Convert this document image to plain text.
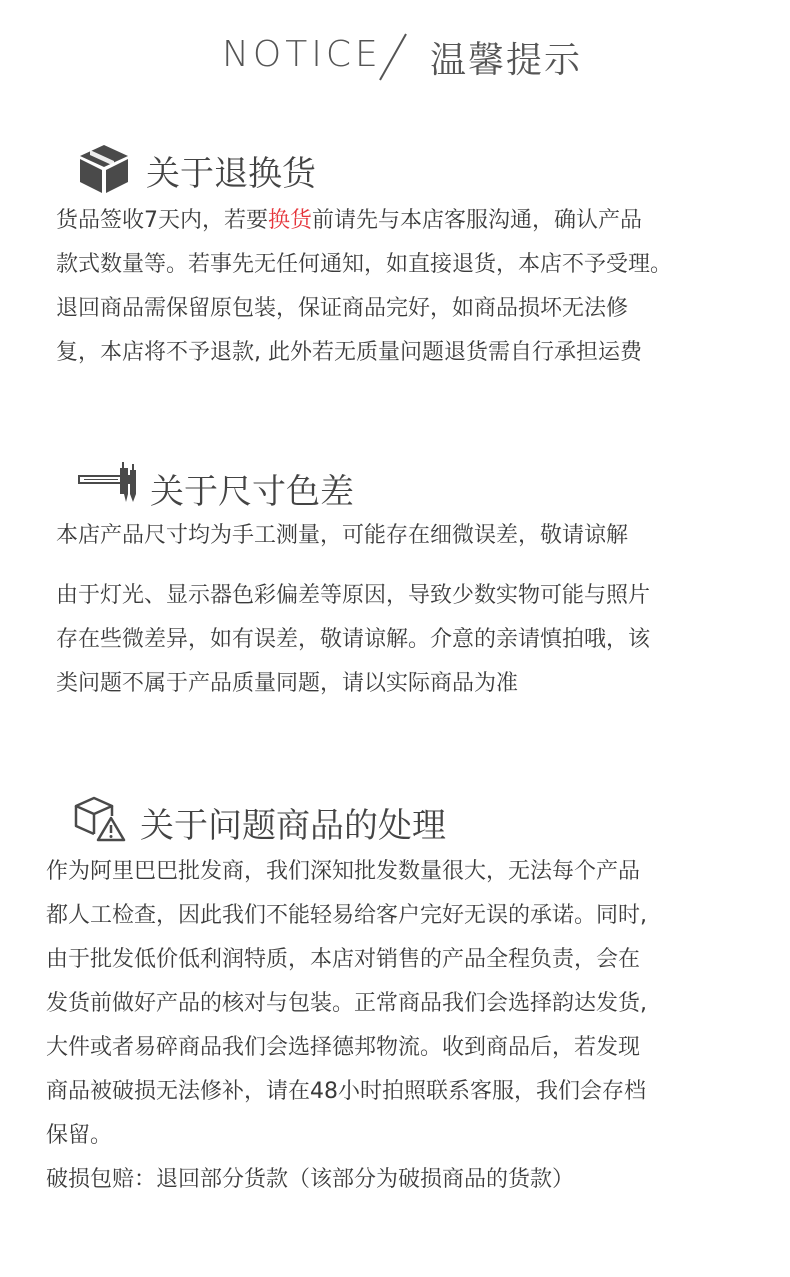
NOTICE 温馨提示
关于退换货
货品签收7天内，若要换货前请先与本店客服沟通，确认产品
款式数量等。若事先无任何通知，如直接退货，本店不予受理。
退回商品需保留原包装，保证商品完好，如商品损坏无法修
复，本店将不予退款, 此外若无质量问题退货需自行承担运费
关于尺寸色差
本店产品尺寸均为手工测量，可能存在细微误差，敬请谅解
由于灯光、显示器色彩偏差等原因，导致少数实物可能与照片
存在些微差异，如有误差，敬请谅解。介意的亲请慎拍哦，该
类问题不属于产品质量同题，请以实际商品为准
关于问题商品的处理
作为阿里巴巴批发商，我们深知批发数量很大，无法每个产品
都人工检查，因此我们不能轻易给客户完好无误的承诺。同时,
由于批发低价低利润特质，本店对销售的产品全程负责，会在
发货前做好产品的核对与包装。正常商品我们会选择韵达发货,
大件或者易碎商品我们会选择德邦物流。收到商品后，若发现
商品被破损无法修补，请在48小时拍照联系客服，我们会存档
保留。
破损包赔：退回部分货款（该部分为破损商品的货款）
